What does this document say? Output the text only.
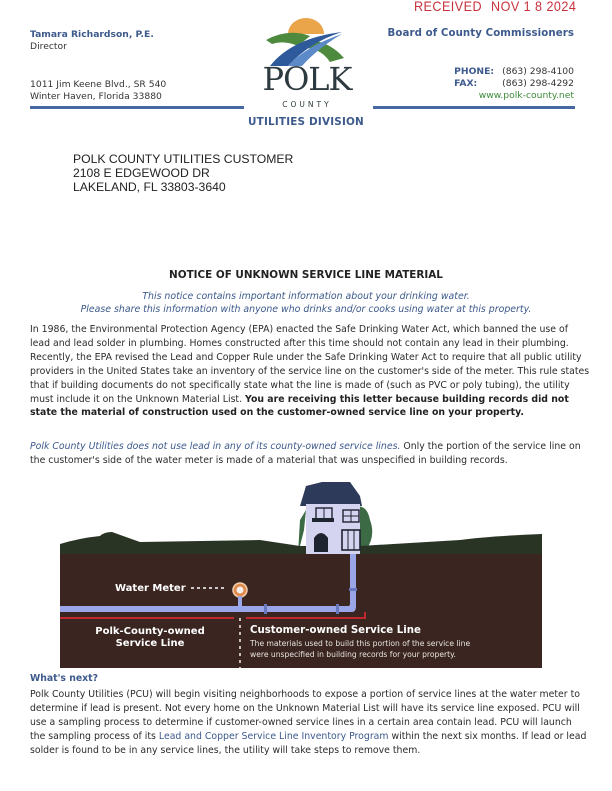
Tamara Richardson, P.E.
Director
1011 Jim Keene Blvd., SR 540
Winter Haven, Florida 33880
RECEIVED NOV 1 8 2024
Board of County Commissioners
PHONE: (863) 298-4100
FAX:	(863) 298-4292
www.polk-county.net
POLK
COUNTY
UTILITIES DIVISION
POLK COUNTY UTILITIES CUSTOMER
2108 E EDGEWOOD DR
LAKELAND, FL 33803-3640
NOTICE OF UNKNOWN SERVICE LINE MATERIAL
This notice contains important information about your drinking water.
Please share this information with anyone who drinks and/or cooks using water at this property.
In 1986, the Environmental Protection Agency (EPA) enacted the Safe Drinking Water Act, which banned the use of lead and lead solder in plumbing. Homes constructed after this time should not contain any lead in their plumbing. Recently, the EPA revised the Lead and Copper Rule under the Safe Drinking Water Act to require that all public utility providers in the United States take an inventory of the service line on the customer's side of the meter. This rule states that if building documents do not specifically state what the line is made of (such as PVC or poly tubing), the utility must include it on the Unknown Material List. You are receiving this letter because building records did not state the material of construction used on the customer-owned service line on your property.
Polk County Utilities does not use lead in any of its county-owned service lines. Only the portion of the service line on the customer's side of the water meter is made of a material that was unspecified in building records.
Water Meter
Polk-County-owned
Service Line
Customer-owned Service Line
The materials used to build this portion of the service line
were unspecified in building records for your property.
What's next?
Polk County Utilities (PCU) will begin visiting neighborhoods to expose a portion of service lines at the water meter to determine if lead is present. Not every home on the Unknown Material List will have its service line exposed. PCU will use a sampling process to determine if customer-owned service lines in a certain area contain lead. PCU will launch the sampling process of its Lead and Copper Service Line Inventory Program within the next six months. If lead or lead solder is found to be in any service lines, the utility will take steps to remove them.
